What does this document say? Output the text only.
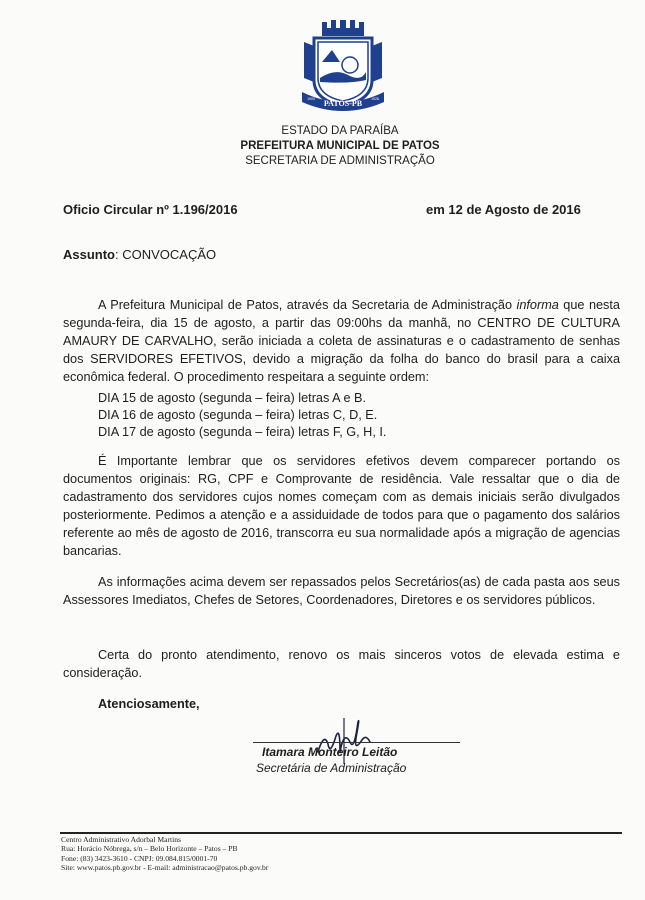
PATOS-PB
1903	1928
ESTADO DA PARAÍBA
PREFEITURA MUNICIPAL DE PATOS
SECRETARIA DE ADMINISTRAÇÃO
Oficio Circular nº 1.196/2016	em 12 de Agosto de 2016
Assunto: CONVOCAÇÃO
A Prefeitura Municipal de Patos, através da Secretaria de Administração informa que nesta segunda-feira, dia 15 de agosto, a partir das 09:00hs da manhã, no CENTRO DE CULTURA AMAURY DE CARVALHO, serão iniciada a coleta de assinaturas e o cadastramento de senhas dos SERVIDORES EFETIVOS, devido a migração da folha do banco do brasil para a caixa econômica federal. O procedimento respeitara a seguinte ordem:
DIA 15 de agosto (segunda – feira) letras A e B.
DIA 16 de agosto (segunda – feira) letras C, D, E.
DIA 17 de agosto (segunda – feira) letras F, G, H, I.
É Importante lembrar que os servidores efetivos devem comparecer portando os documentos originais: RG, CPF e Comprovante de residência. Vale ressaltar que o dia de cadastramento dos servidores cujos nomes começam com as demais iniciais serão divulgados posteriormente. Pedimos a atenção e a assiduidade de todos para que o pagamento dos salários referente ao mês de agosto de 2016, transcorra eu sua normalidade após a migração de agencias bancarias.
As informações acima devem ser repassados pelos Secretários(as) de cada pasta aos seus Assessores Imediatos, Chefes de Setores, Coordenadores, Diretores e os servidores públicos.
Certa do pronto atendimento, renovo os mais sinceros votos de elevada estima e consideração.
Atenciosamente,
Itamara Monteiro Leitão
Secretária de Administração
Centro Administrativo Adorbal Martins
Rua: Horácio Nóbrega, s/n – Belo Horizonte – Patos – PB
Fone: (83) 3423-3610 - CNPJ: 09.084.815/0001-70
Site: www.patos.pb.gov.br - E-mail: administracao@patos.pb.gov.br
